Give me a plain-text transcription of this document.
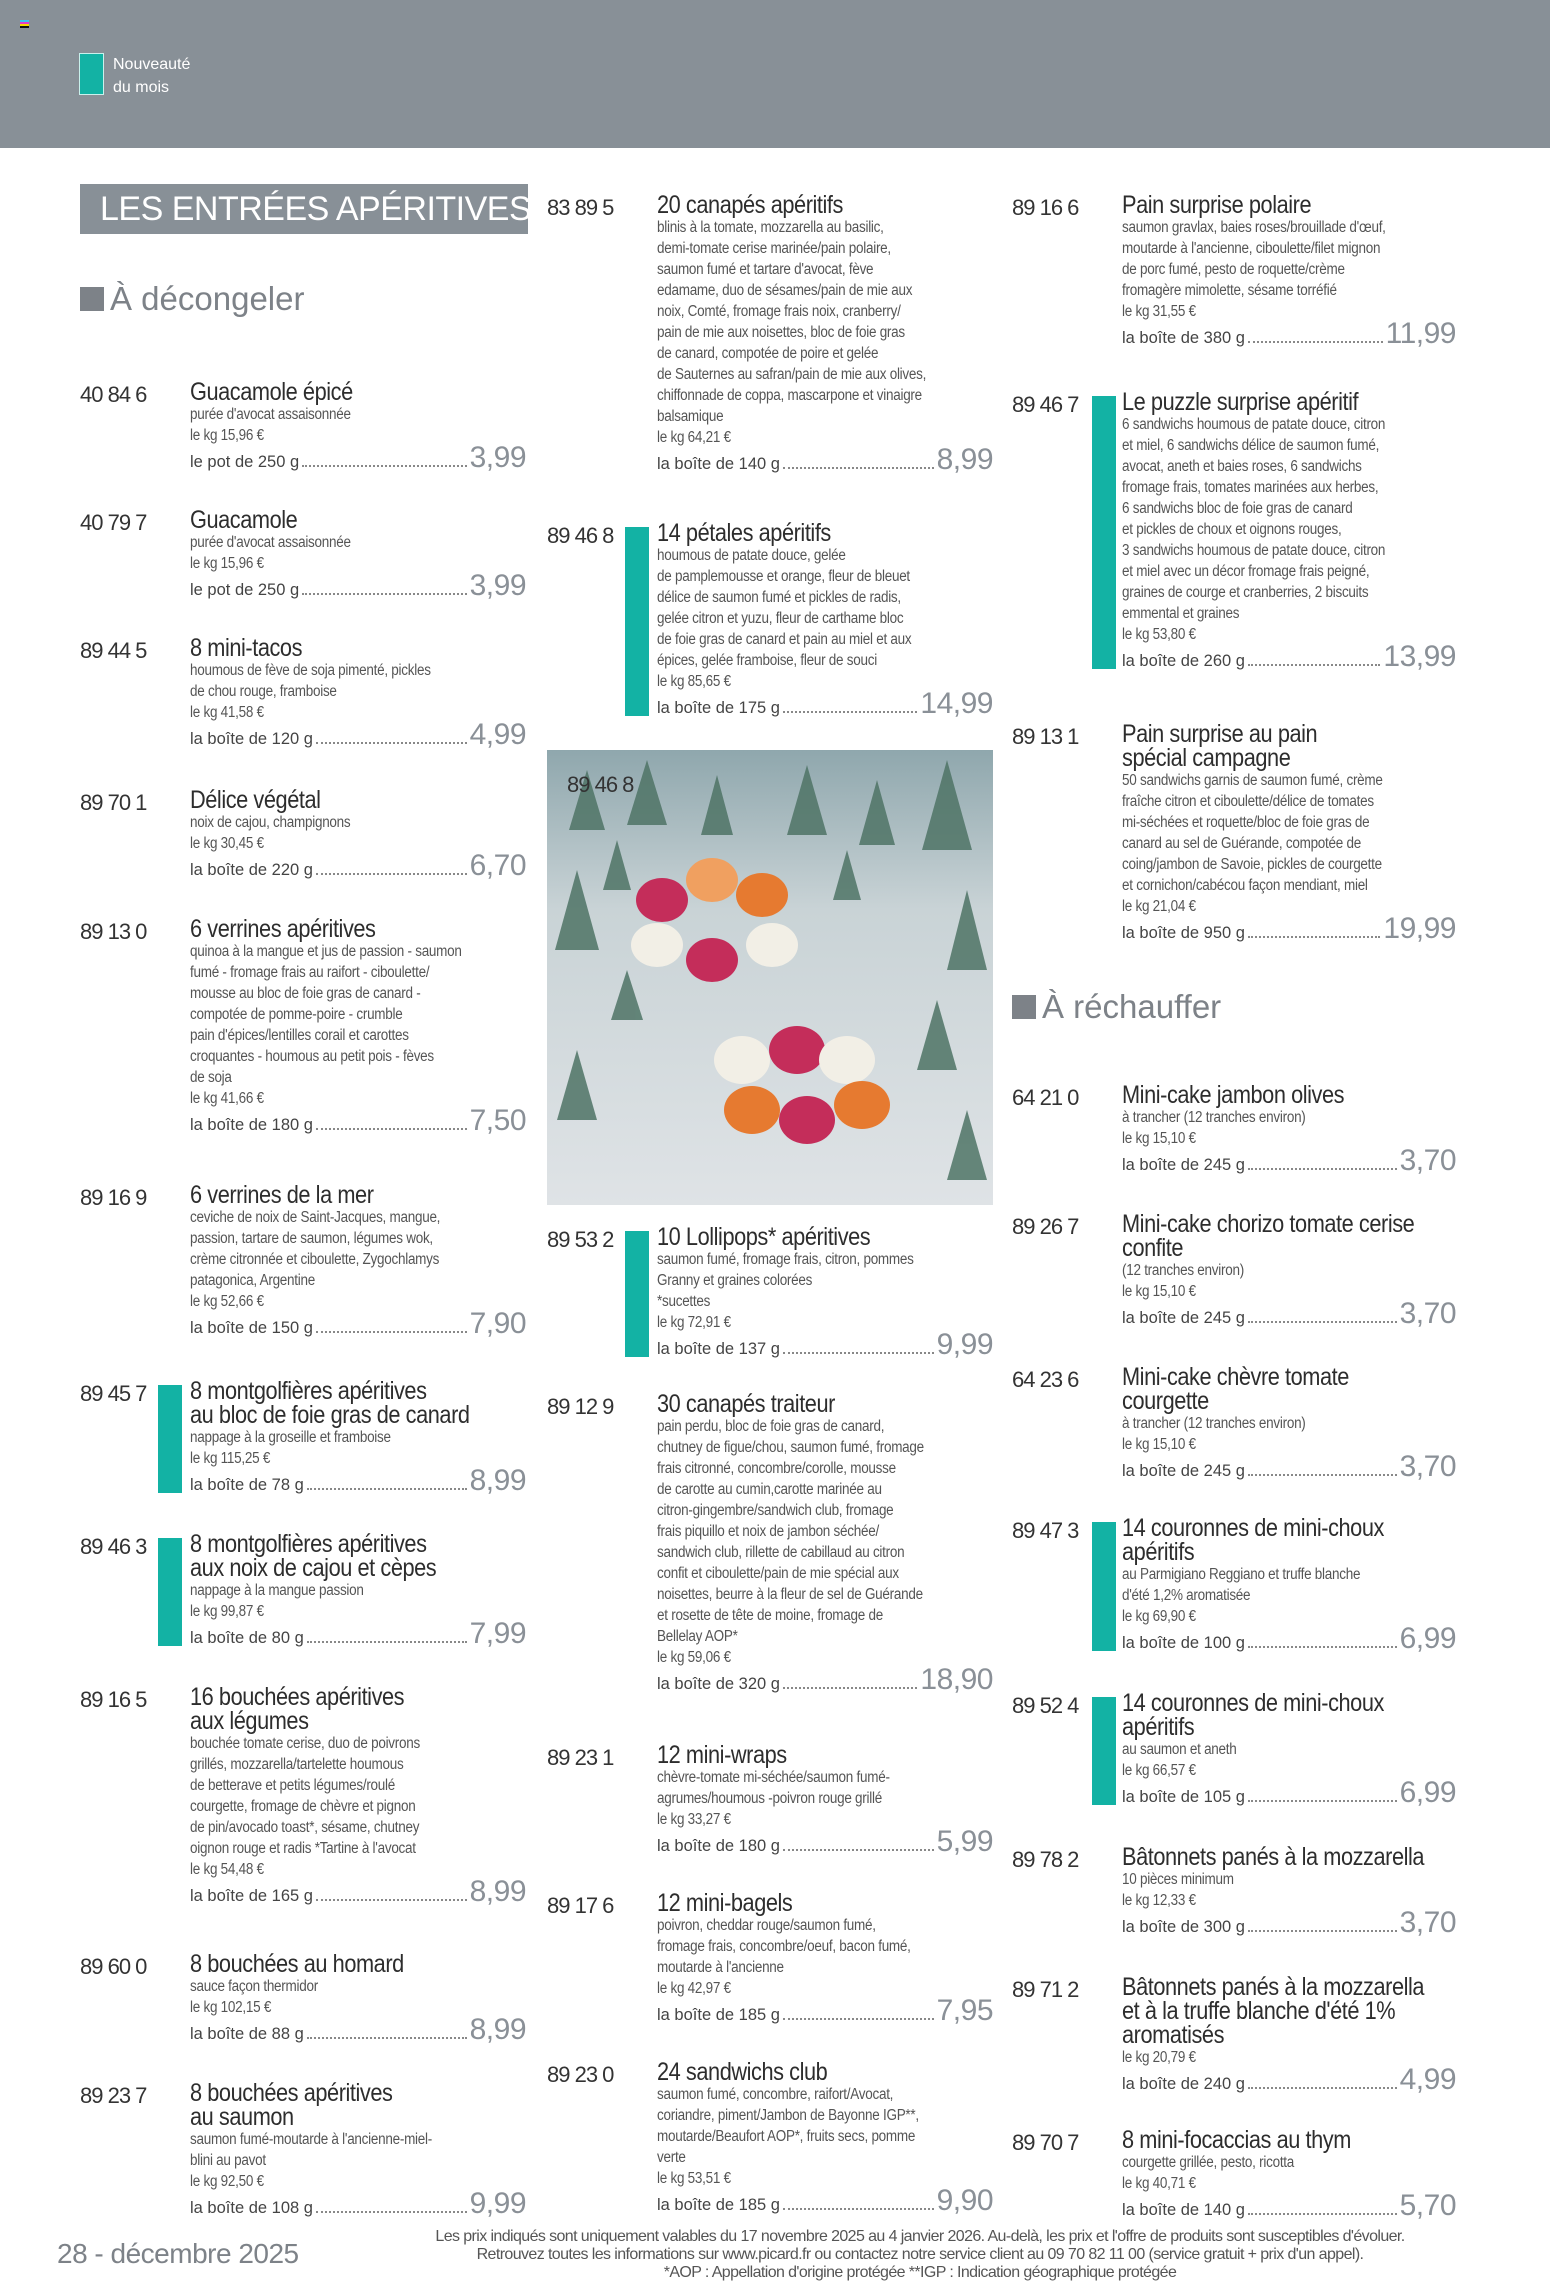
Nouveauté
du mois
LES ENTRÉES APÉRITIVES
À décongeler
À réchauffer
40 84 6 Guacamole épicé
purée d'avocat assaisonnée
le kg 15,96 €
le pot de 250 g	3,99
40 79 7 Guacamole
purée d'avocat assaisonnée
le kg 15,96 €
le pot de 250 g	3,99
89 44 5 8 mini-tacos
houmous de fève de soja pimenté, pickles
de chou rouge, framboise
le kg 41,58 €
la boîte de 120 g	4,99
89 70 1 Délice végétal
noix de cajou, champignons
le kg 30,45 €
la boîte de 220 g	6,70
89 13 0 6 verrines apéritives
quinoa à la mangue et jus de passion - saumon
fumé - fromage frais au raifort - ciboulette/
mousse au bloc de foie gras de canard -
compotée de pomme-poire - crumble
pain d'épices/lentilles corail et carottes
croquantes - houmous au petit pois - fèves
de soja
le kg 41,66 €
la boîte de 180 g	7,50
89 16 9 6 verrines de la mer
ceviche de noix de Saint-Jacques, mangue,
passion, tartare de saumon, légumes wok,
crème citronnée et ciboulette, Zygochlamys
patagonica, Argentine
le kg 52,66 €
la boîte de 150 g	7,90
89 45 7 8 montgolfières apéritives
au bloc de foie gras de canard
nappage à la groseille et framboise
le kg 115,25 €
la boîte de 78 g	8,99
89 46 3 8 montgolfières apéritives
aux noix de cajou et cèpes
nappage à la mangue passion
le kg 99,87 €
la boîte de 80 g	7,99
89 16 5 16 bouchées apéritives
aux légumes
bouchée tomate cerise, duo de poivrons
grillés, mozzarella/tartelette houmous
de betterave et petits légumes/roulé
courgette, fromage de chèvre et pignon
de pin/avocado toast*, sésame, chutney
oignon rouge et radis *Tartine à l'avocat
le kg 54,48 €
la boîte de 165 g	8,99
89 60 0 8 bouchées au homard
sauce façon thermidor
le kg 102,15 €
la boîte de 88 g	8,99
89 23 7 8 bouchées apéritives
au saumon
saumon fumé-moutarde à l'ancienne-miel-
blini au pavot
le kg 92,50 €
la boîte de 108 g	9,99
83 89 5 20 canapés apéritifs
blinis à la tomate, mozzarella au basilic,
demi-tomate cerise marinée/pain polaire,
saumon fumé et tartare d'avocat, fève
edamame, duo de sésames/pain de mie aux
noix, Comté, fromage frais noix, cranberry/
pain de mie aux noisettes, bloc de foie gras
de canard, compotée de poire et gelée
de Sauternes au safran/pain de mie aux olives,
chiffonnade de coppa, mascarpone et vinaigre
balsamique
le kg 64,21 €
la boîte de 140 g	8,99
89 46 8 14 pétales apéritifs
houmous de patate douce, gelée
de pamplemousse et orange, fleur de bleuet
délice de saumon fumé et pickles de radis,
gelée citron et yuzu, fleur de carthame bloc
de foie gras de canard et pain au miel et aux
épices, gelée framboise, fleur de souci
le kg 85,65 €
la boîte de 175 g	14,99
89 53 2 10 Lollipops* apéritives
saumon fumé, fromage frais, citron, pommes
Granny et graines colorées
*sucettes
le kg 72,91 €
la boîte de 137 g	9,99
89 12 9 30 canapés traiteur
pain perdu, bloc de foie gras de canard,
chutney de figue/chou, saumon fumé, fromage
frais citronné, concombre/corolle, mousse
de carotte au cumin,carotte marinée au
citron-gingembre/sandwich club, fromage
frais piquillo et noix de jambon séchée/
sandwich club, rillette de cabillaud au citron
confit et ciboulette/pain de mie spécial aux
noisettes, beurre à la fleur de sel de Guérande
et rosette de tête de moine, fromage de
Bellelay AOP*
le kg 59,06 €
la boîte de 320 g	18,90
89 23 1 12 mini-wraps
chèvre-tomate mi-séchée/saumon fumé-
agrumes/houmous -poivron rouge grillé
le kg 33,27 €
la boîte de 180 g	5,99
89 17 6 12 mini-bagels
poivron, cheddar rouge/saumon fumé,
fromage frais, concombre/oeuf, bacon fumé,
moutarde à l'ancienne
le kg 42,97 €
la boîte de 185 g	7,95
89 23 0 24 sandwichs club
saumon fumé, concombre, raifort/Avocat,
coriandre, piment/Jambon de Bayonne IGP**,
moutarde/Beaufort AOP*, fruits secs, pomme
verte
le kg 53,51 €
la boîte de 185 g	9,90
89 16 6 Pain surprise polaire
saumon gravlax, baies roses/brouillade d'œuf,
moutarde à l'ancienne, ciboulette/filet mignon
de porc fumé, pesto de roquette/crème
fromagère mimolette, sésame torréfié
le kg 31,55 €
la boîte de 380 g	11,99
89 46 7 Le puzzle surprise apéritif
6 sandwichs houmous de patate douce, citron
et miel, 6 sandwichs délice de saumon fumé,
avocat, aneth et baies roses, 6 sandwichs
fromage frais, tomates marinées aux herbes,
6 sandwichs bloc de foie gras de canard
et pickles de choux et oignons rouges,
3 sandwichs houmous de patate douce, citron
et miel avec un décor fromage frais peigné,
graines de courge et cranberries, 2 biscuits
emmental et graines
le kg 53,80 €
la boîte de 260 g	13,99
89 13 1 Pain surprise au pain
spécial campagne
50 sandwichs garnis de saumon fumé, crème
fraîche citron et ciboulette/délice de tomates
mi-séchées et roquette/bloc de foie gras de
canard au sel de Guérande, compotée de
coing/jambon de Savoie, pickles de courgette
et cornichon/cabécou façon mendiant, miel
le kg 21,04 €
la boîte de 950 g	19,99
64 21 0 Mini-cake jambon olives
à trancher (12 tranches environ)
le kg 15,10 €
la boîte de 245 g	3,70
89 26 7 Mini-cake chorizo tomate cerise
confite
(12 tranches environ)
le kg 15,10 €
la boîte de 245 g	3,70
64 23 6 Mini-cake chèvre tomate
courgette
à trancher (12 tranches environ)
le kg 15,10 €
la boîte de 245 g	3,70
89 47 3 14 couronnes de mini-choux
apéritifs
au Parmigiano Reggiano et truffe blanche
d'été 1,2% aromatisée
le kg 69,90 €
la boîte de 100 g	6,99
89 52 4 14 couronnes de mini-choux
apéritifs
au saumon et aneth
le kg 66,57 €
la boîte de 105 g	6,99
89 78 2 Bâtonnets panés à la mozzarella
10 pièces minimum
le kg 12,33 €
la boîte de 300 g	3,70
89 71 2 Bâtonnets panés à la mozzarella
et à la truffe blanche d'été 1%
aromatisés
le kg 20,79 €
la boîte de 240 g	4,99
89 70 7 8 mini-focaccias au thym
courgette grillée, pesto, ricotta
le kg 40,71 €
la boîte de 140 g	5,70
89 46 8
28 - décembre 2025
Les prix indiqués sont uniquement valables du 17 novembre 2025 au 4 janvier 2026. Au-delà, les prix et l'offre de produits sont susceptibles d'évoluer.
Retrouvez toutes les informations sur www.picard.fr ou contactez notre service client au 09 70 82 11 00 (service gratuit + prix d'un appel).
*AOP : Appellation d'origine protégée **IGP : Indication géographique protégée
